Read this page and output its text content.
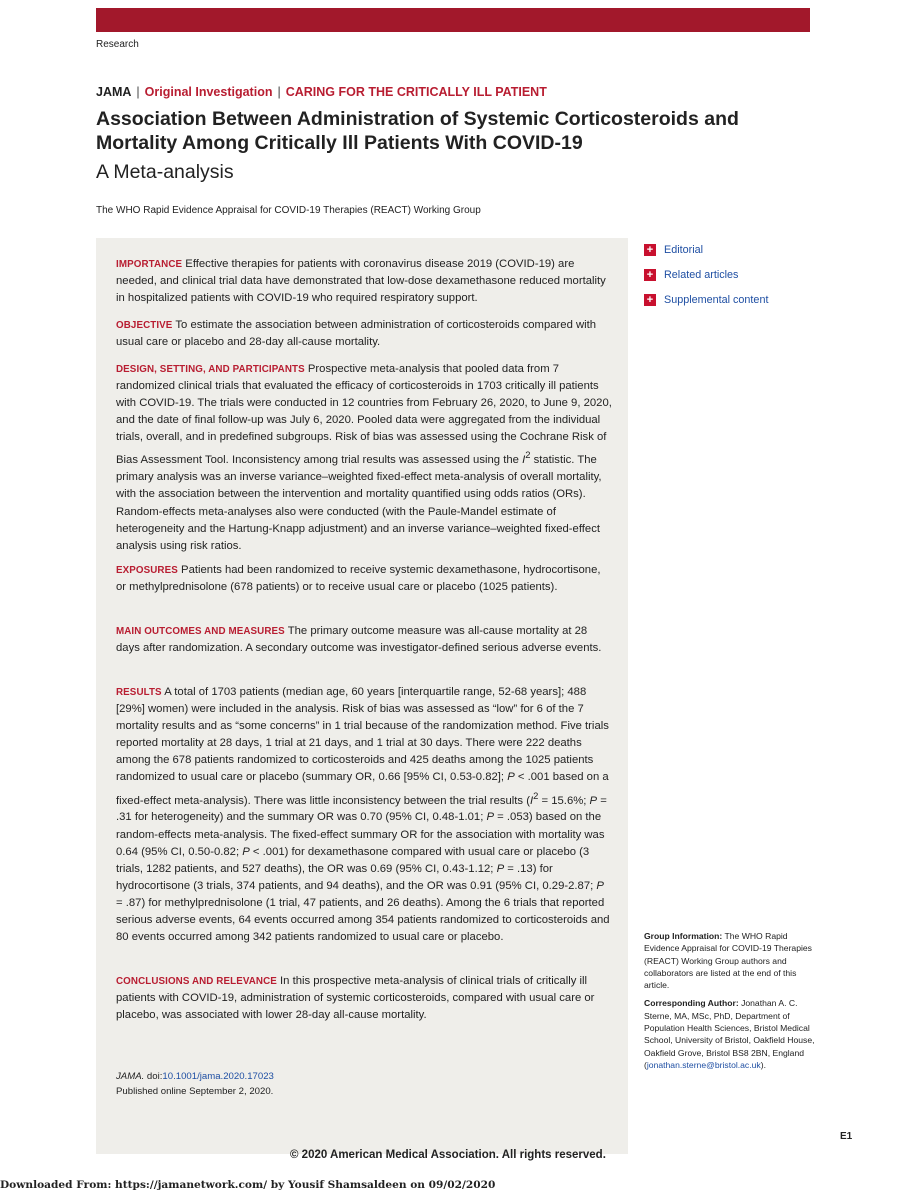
Research
JAMA | Original Investigation | CARING FOR THE CRITICALLY ILL PATIENT
Association Between Administration of Systemic Corticosteroids and Mortality Among Critically Ill Patients With COVID-19
A Meta-analysis
The WHO Rapid Evidence Appraisal for COVID-19 Therapies (REACT) Working Group

IMPORTANCE Effective therapies for patients with coronavirus disease 2019 (COVID-19) are needed, and clinical trial data have demonstrated that low-dose dexamethasone reduced mortality in hospitalized patients with COVID-19 who required respiratory support.

OBJECTIVE To estimate the association between administration of corticosteroids compared with usual care or placebo and 28-day all-cause mortality.

DESIGN, SETTING, AND PARTICIPANTS Prospective meta-analysis that pooled data from 7 randomized clinical trials that evaluated the efficacy of corticosteroids in 1703 critically ill patients with COVID-19. The trials were conducted in 12 countries from February 26, 2020, to June 9, 2020, and the date of final follow-up was July 6, 2020. Pooled data were aggregated from the individual trials, overall, and in predefined subgroups. Risk of bias was assessed using the Cochrane Risk of Bias Assessment Tool. Inconsistency among trial results was assessed using the $I^2$ statistic. The primary analysis was an inverse variance–weighted fixed-effect meta-analysis of overall mortality, with the association between the intervention and mortality quantified using odds ratios (ORs). Random-effects meta-analyses also were conducted (with the Paule-Mandel estimate of heterogeneity and the Hartung-Knapp adjustment) and an inverse variance–weighted fixed-effect analysis using risk ratios.

EXPOSURES Patients had been randomized to receive systemic dexamethasone, hydrocortisone, or methylprednisolone (678 patients) or to receive usual care or placebo (1025 patients).

MAIN OUTCOMES AND MEASURES The primary outcome measure was all-cause mortality at 28 days after randomization. A secondary outcome was investigator-defined serious adverse events.

RESULTS A total of 1703 patients (median age, 60 years [interquartile range, 52-68 years]; 488 [29%] women) were included in the analysis. Risk of bias was assessed as “low” for 6 of the 7 mortality results and as “some concerns” in 1 trial because of the randomization method. Five trials reported mortality at 28 days, 1 trial at 21 days, and 1 trial at 30 days. There were 222 deaths among the 678 patients randomized to corticosteroids and 425 deaths among the 1025 patients randomized to usual care or placebo (summary OR, 0.66 [95% CI, 0.53-0.82]; P < .001 based on a fixed-effect meta-analysis). There was little inconsistency between the trial results ($I^2 = 15.6\%$; P = .31 for heterogeneity) and the summary OR was 0.70 (95% CI, 0.48-1.01; P = .053) based on the random-effects meta-analysis. The fixed-effect summary OR for the association with mortality was 0.64 (95% CI, 0.50-0.82; P < .001) for dexamethasone compared with usual care or placebo (3 trials, 1282 patients, and 527 deaths), the OR was 0.69 (95% CI, 0.43-1.12; P = .13) for hydrocortisone (3 trials, 374 patients, and 94 deaths), and the OR was 0.91 (95% CI, 0.29-2.87; P = .87) for methylprednisolone (1 trial, 47 patients, and 26 deaths). Among the 6 trials that reported serious adverse events, 64 events occurred among 354 patients randomized to corticosteroids and 80 events occurred among 342 patients randomized to usual care or placebo.

CONCLUSIONS AND RELEVANCE In this prospective meta-analysis of clinical trials of critically ill patients with COVID-19, administration of systemic corticosteroids, compared with usual care or placebo, was associated with lower 28-day all-cause mortality.

JAMA. doi:10.1001/jama.2020.17023
Published online September 2, 2020.
+ Editorial
+ Related articles
+ Supplemental content

Group Information: The WHO Rapid Evidence Appraisal for COVID-19 Therapies (REACT) Working Group authors and collaborators are listed at the end of this article.

Corresponding Author: Jonathan A. C. Sterne, MA, MSc, PhD, Department of Population Health Sciences, Bristol Medical School, University of Bristol, Oakfield House, Oakfield Grove, Bristol BS8 2BN, England (jonathan.sterne@bristol.ac.uk).

© 2020 American Medical Association. All rights reserved.
E1
Downloaded From: https://jamanetwork.com/ by Yousif Shamsaldeen on 09/02/2020
